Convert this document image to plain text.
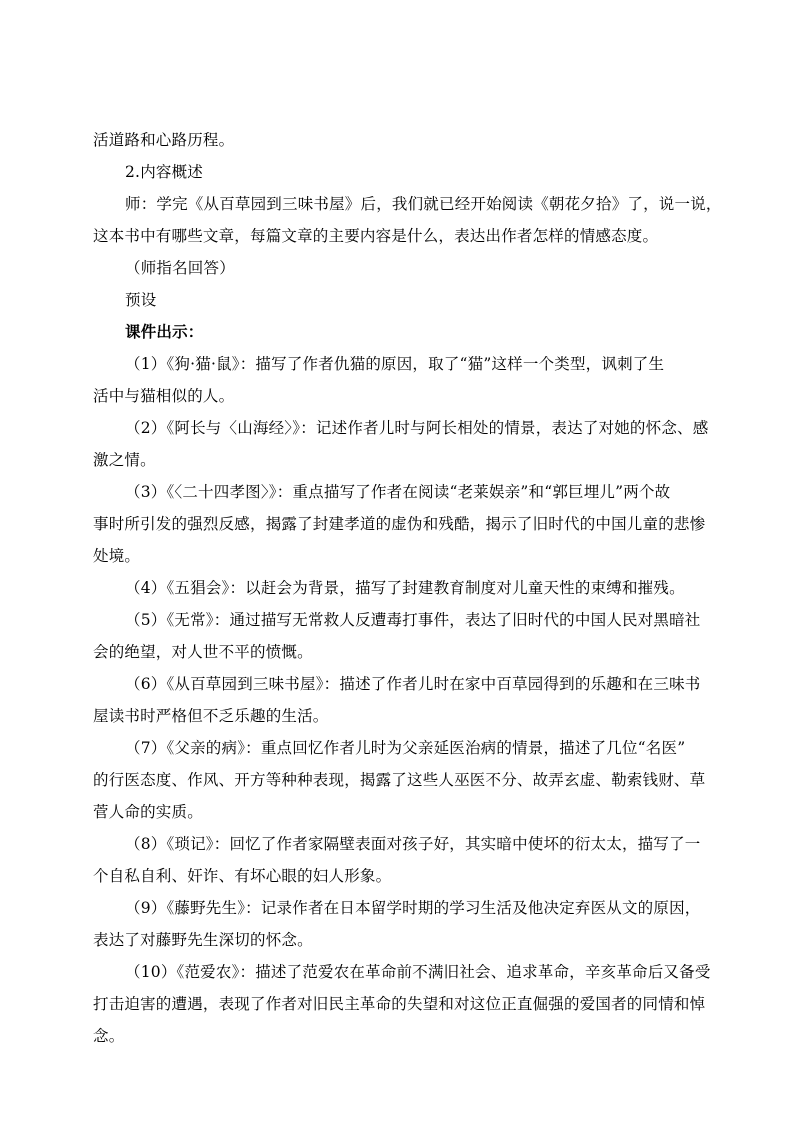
活道路和心路历程。
2.内容概述
师：学完《从百草园到三味书屋》后，我们就已经开始阅读《朝花夕拾》了，说一说，
这本书中有哪些文章，每篇文章的主要内容是什么，表达出作者怎样的情感态度。
（师指名回答）
预设
课件出示：
（1）《狗·猫·鼠》：描写了作者仇猫的原因，取了“猫”这样一个类型，讽刺了生
活中与猫相似的人。
（2）《阿长与〈山海经〉》：记述作者儿时与阿长相处的情景，表达了对她的怀念、感
激之情。
（3）《〈二十四孝图〉》：重点描写了作者在阅读“老莱娱亲”和“郭巨埋儿”两个故
事时所引发的强烈反感，揭露了封建孝道的虚伪和残酷，揭示了旧时代的中国儿童的悲惨
处境。
（4）《五猖会》：以赶会为背景，描写了封建教育制度对儿童天性的束缚和摧残。
（5）《无常》：通过描写无常救人反遭毒打事件，表达了旧时代的中国人民对黑暗社
会的绝望，对人世不平的愤慨。
（6）《从百草园到三味书屋》：描述了作者儿时在家中百草园得到的乐趣和在三味书
屋读书时严格但不乏乐趣的生活。
（7）《父亲的病》：重点回忆作者儿时为父亲延医治病的情景，描述了几位“名医”
的行医态度、作风、开方等种种表现，揭露了这些人巫医不分、故弄玄虚、勒索钱财、草
菅人命的实质。
（8）《琐记》：回忆了作者家隔壁表面对孩子好，其实暗中使坏的衍太太，描写了一
个自私自利、奸诈、有坏心眼的妇人形象。
（9）《藤野先生》：记录作者在日本留学时期的学习生活及他决定弃医从文的原因，
表达了对藤野先生深切的怀念。
（10）《范爱农》：描述了范爱农在革命前不满旧社会、追求革命，辛亥革命后又备受
打击迫害的遭遇，表现了作者对旧民主革命的失望和对这位正直倔强的爱国者的同情和悼
念。
